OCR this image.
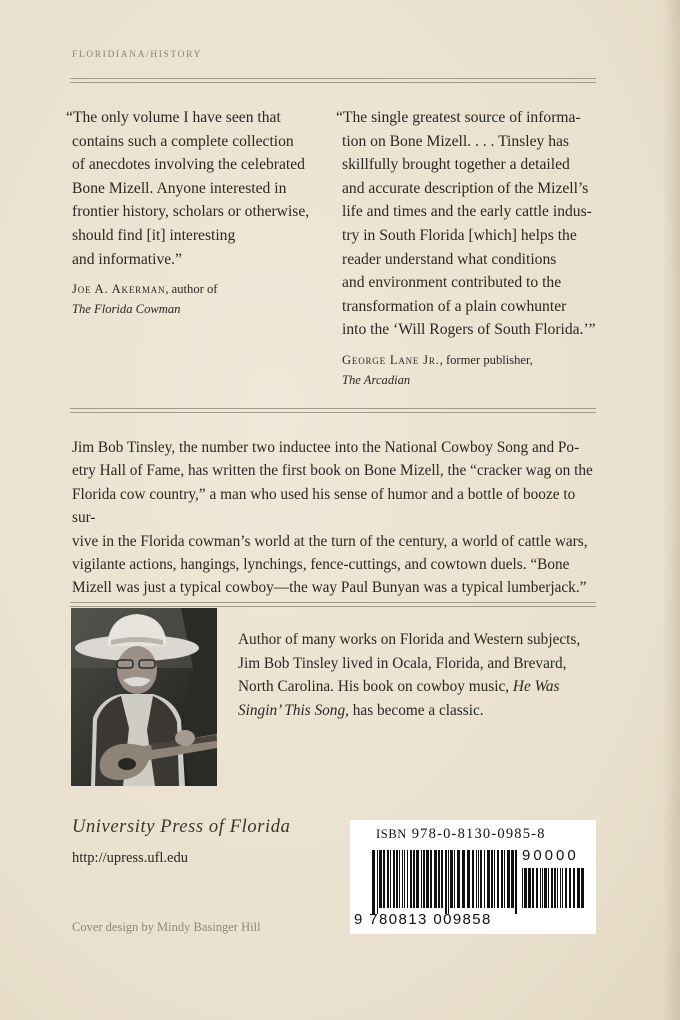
FLORIDIANA/HISTORY

“The only volume I have seen that

contains such a complete collection

of anecdotes involving the celebrated

Bone Mizell. Anyone interested in

frontier history, scholars or otherwise,

should find [it] interesting

and informative.”

Joe A. Akerman, author of
The Florida Cowman

“The single greatest source of informa-

tion on Bone Mizell. . . . Tinsley has

skillfully brought together a detailed

and accurate description of the Mizell’s

life and times and the early cattle indus-

try in South Florida [which] helps the

reader understand what conditions

and environment contributed to the

transformation of a plain cowhunter

into the ‘Will Rogers of South Florida.’”

George Lane Jr., former publisher,
The Arcadian
Jim Bob Tinsley, the number two inductee into the National Cowboy Song and Po-
etry Hall of Fame, has written the first book on Bone Mizell, the “cracker wag on the
Florida cow country,” a man who used his sense of humor and a bottle of booze to sur-
vive in the Florida cowman’s world at the turn of the century, a world of cattle wars,
vigilante actions, hangings, lynchings, fence-cuttings, and cowtown duels. “Bone
Mizell was just a typical cowboy—the way Paul Bunyan was a typical lumberjack.”
Author of many works on Florida and Western subjects,
Jim Bob Tinsley lived in Ocala, Florida, and Brevard,
North Carolina. His book on cowboy music, He Was
Singin’ This Song, has become a classic.
University Press of Florida
http://upress.ufl.edu
Cover design by Mindy Basinger Hill
ISBN 978-0-8130-0985-8
90000
9 780813 009858
